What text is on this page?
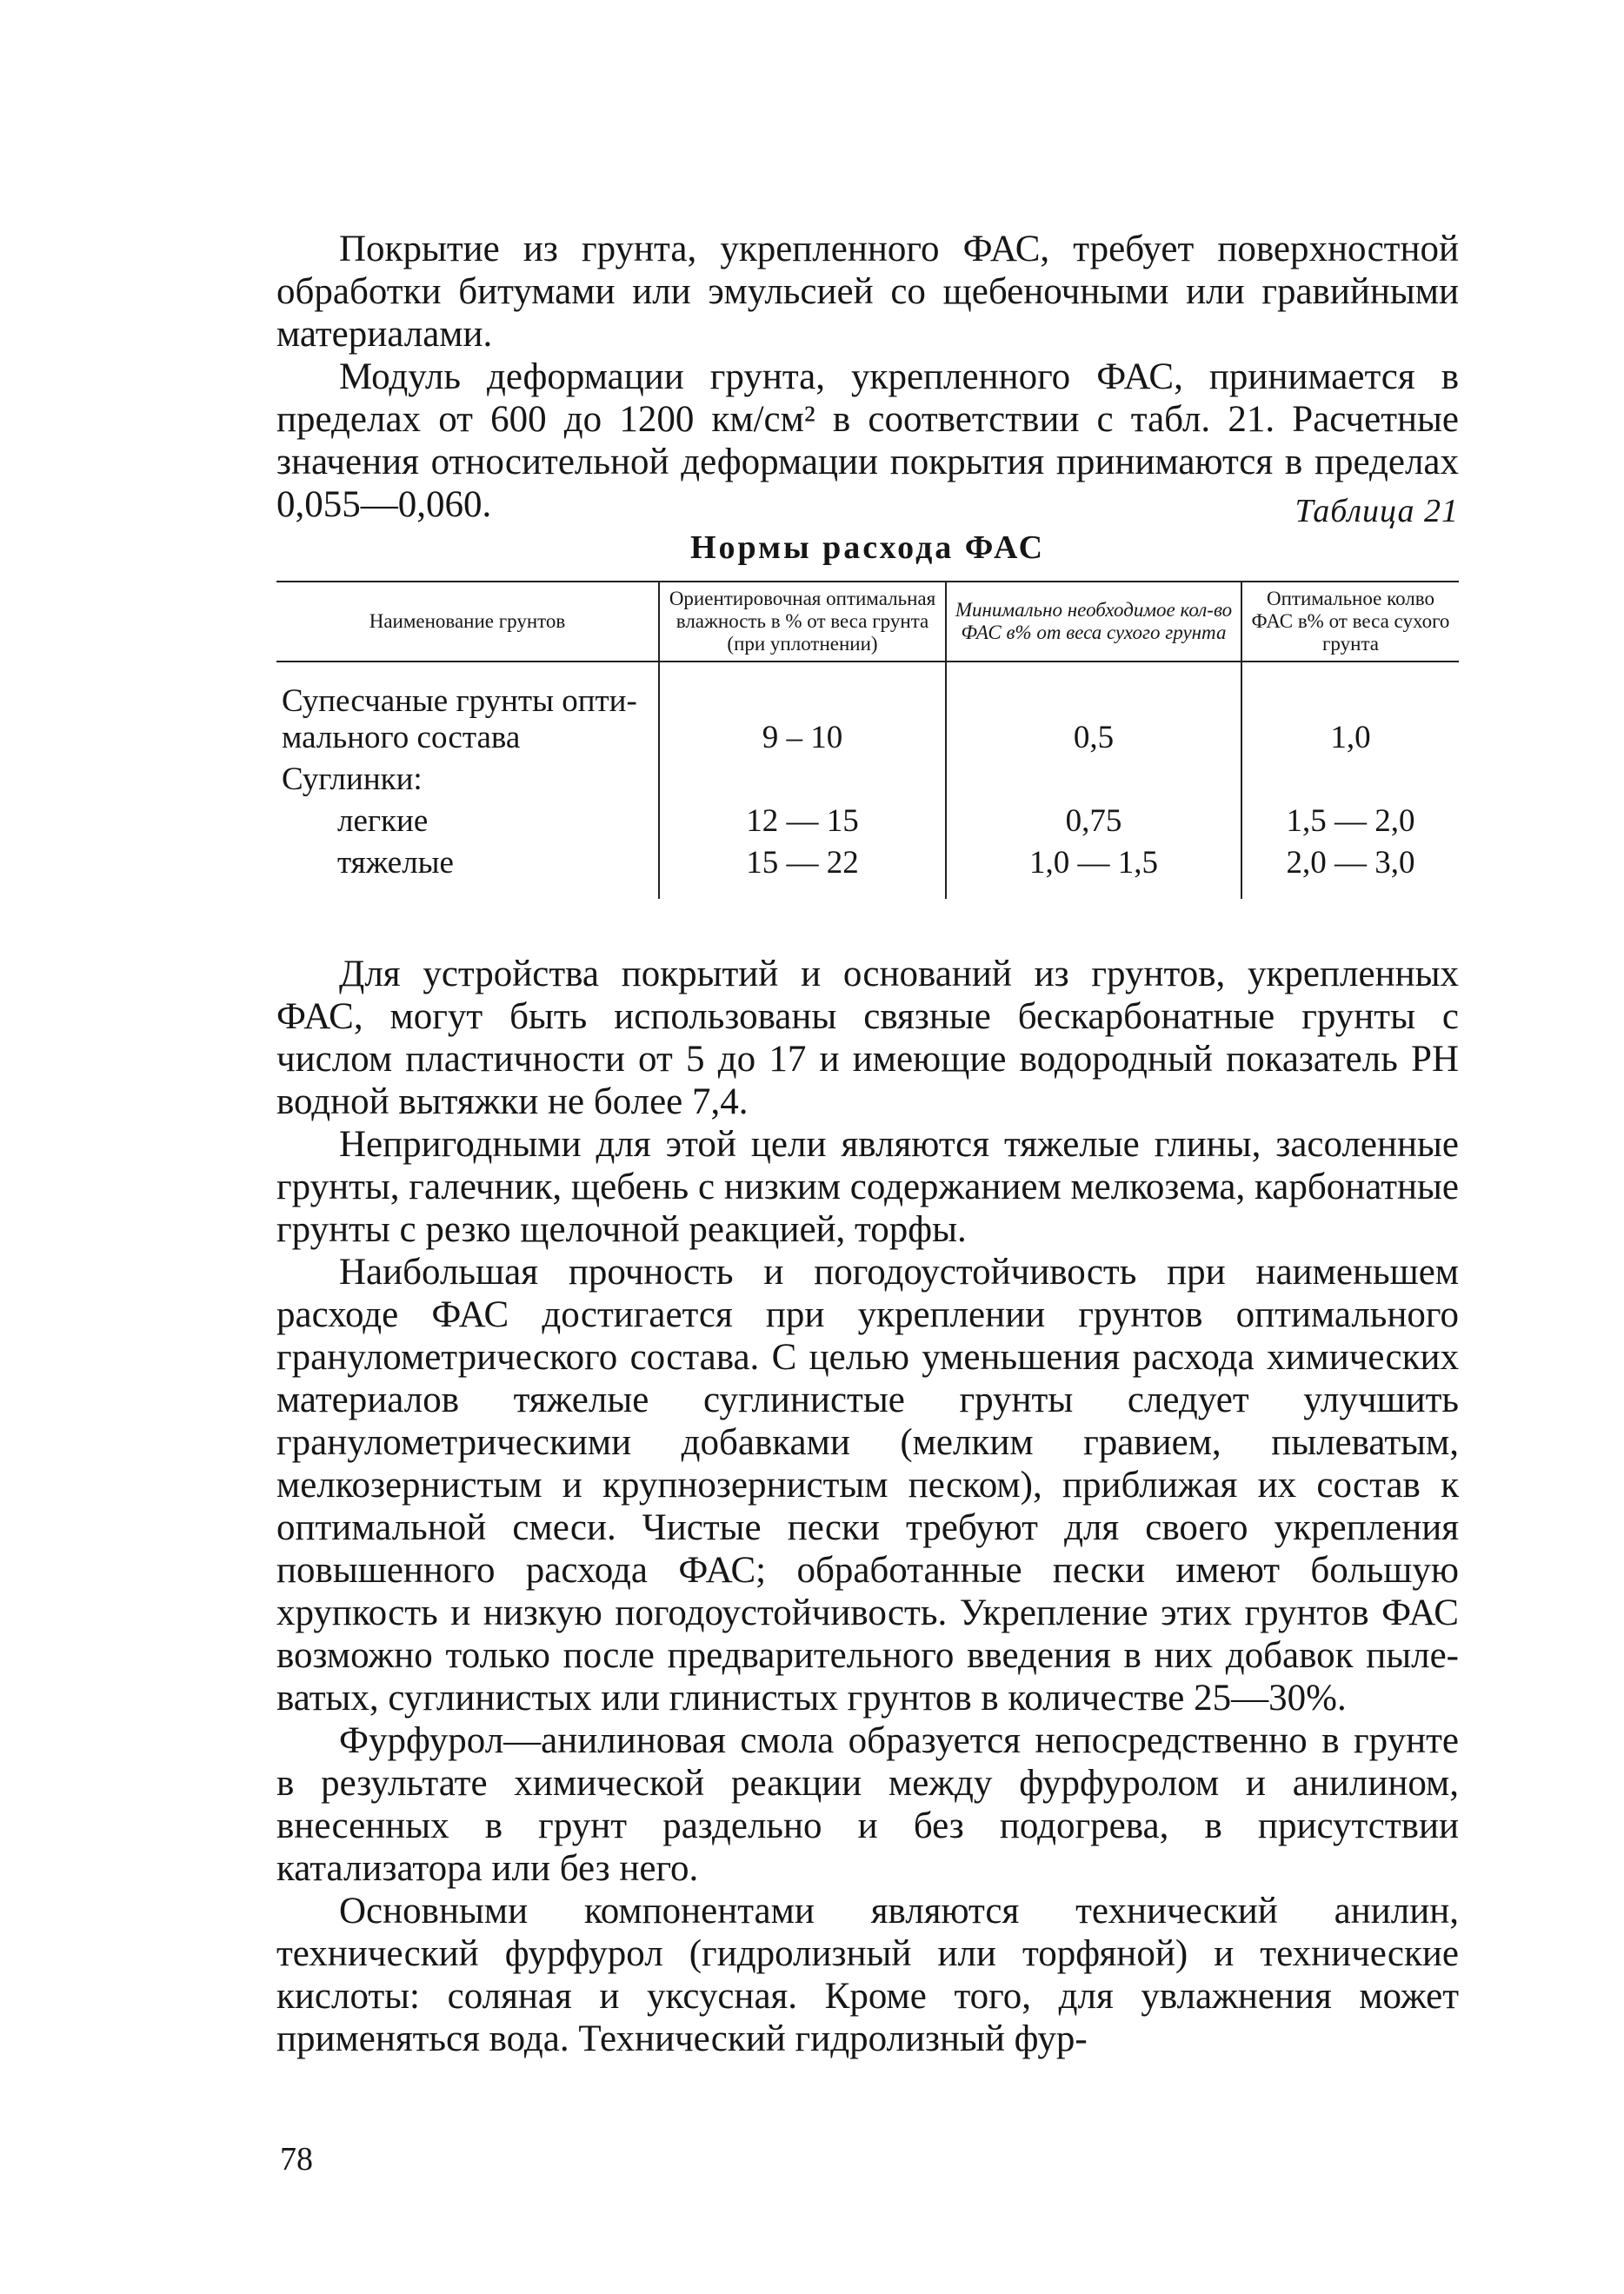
Покрытие из грунта, укрепленного ФАС, требует поверхностной обработки битумами или эмульсией со щебеночными или гравийными материалами.

Модуль деформации грунта, укрепленного ФАС, принимается в пределах от 600 до 1200 км/см² в соответствии с табл. 21. Расчетные значения относительной деформации покрытия принимаются в пределах 0,055—0,060.	Таблица 21
Нормы расхода ФАС
Наименование грунтов	Ориентировочная оптимальная влажность в % от веса грунта (при уплотнении)	Минимально необходимое кол-во ФАС в% от веса сухого грунта	Оптимальное колво ФАС в% от веса сухого грунта

Супесчаные грунты оптимального состава	9 – 10	0,5	1,0
Суглинки:			
легкие	12 — 15	0,75	1,5 — 2,0
тяжелые	15 — 22	1,0 — 1,5	2,0 — 3,0

Для устройства покрытий и оснований из грунтов, укрепленных ФАС, могут быть использованы связные бескарбонатные грунты с числом пластичности от 5 до 17 и имеющие водородный показатель РН водной вытяжки не более 7,4.

Непригодными для этой цели являются тяжелые глины, засоленные грунты, галечник, щебень с низким содержанием мелкозема, карбонатные грунты с резко щелочной реакцией, торфы.

Наибольшая прочность и погодоустойчивость при наименьшем расходе ФАС достигается при укреплении грунтов оптимального гранулометрического состава. С целью уменьшения расхода химических материалов тяжелые суглинистые грунты следует улучшить гранулометрическими добавками (мелким гравием, пылеватым, мелкозернистым и крупнозернистым песком), приближая их состав к оптимальной смеси. Чистые пески требуют для своего укрепления повышенного расхода ФАС; обработанные пески имеют большую хрупкость и низкую погодоустойчивость. Укрепление этих грунтов ФАС возможно только после предварительного введения в них добавок пылеватых, суглинистых или глинистых грунтов в количестве 25—30%.

Фурфурол—анилиновая смола образуется непосредственно в грунте в результате химической реакции между фурфуролом и анилином, внесенных в грунт раздельно и без подогрева, в присутствии катализатора или без него.

Основными компонентами являются технический анилин, технический фурфурол (гидролизный или торфяной) и технические кислоты: соляная и уксусная. Кроме того, для увлажнения может применяться вода. Технический гидролизный фур-

78
